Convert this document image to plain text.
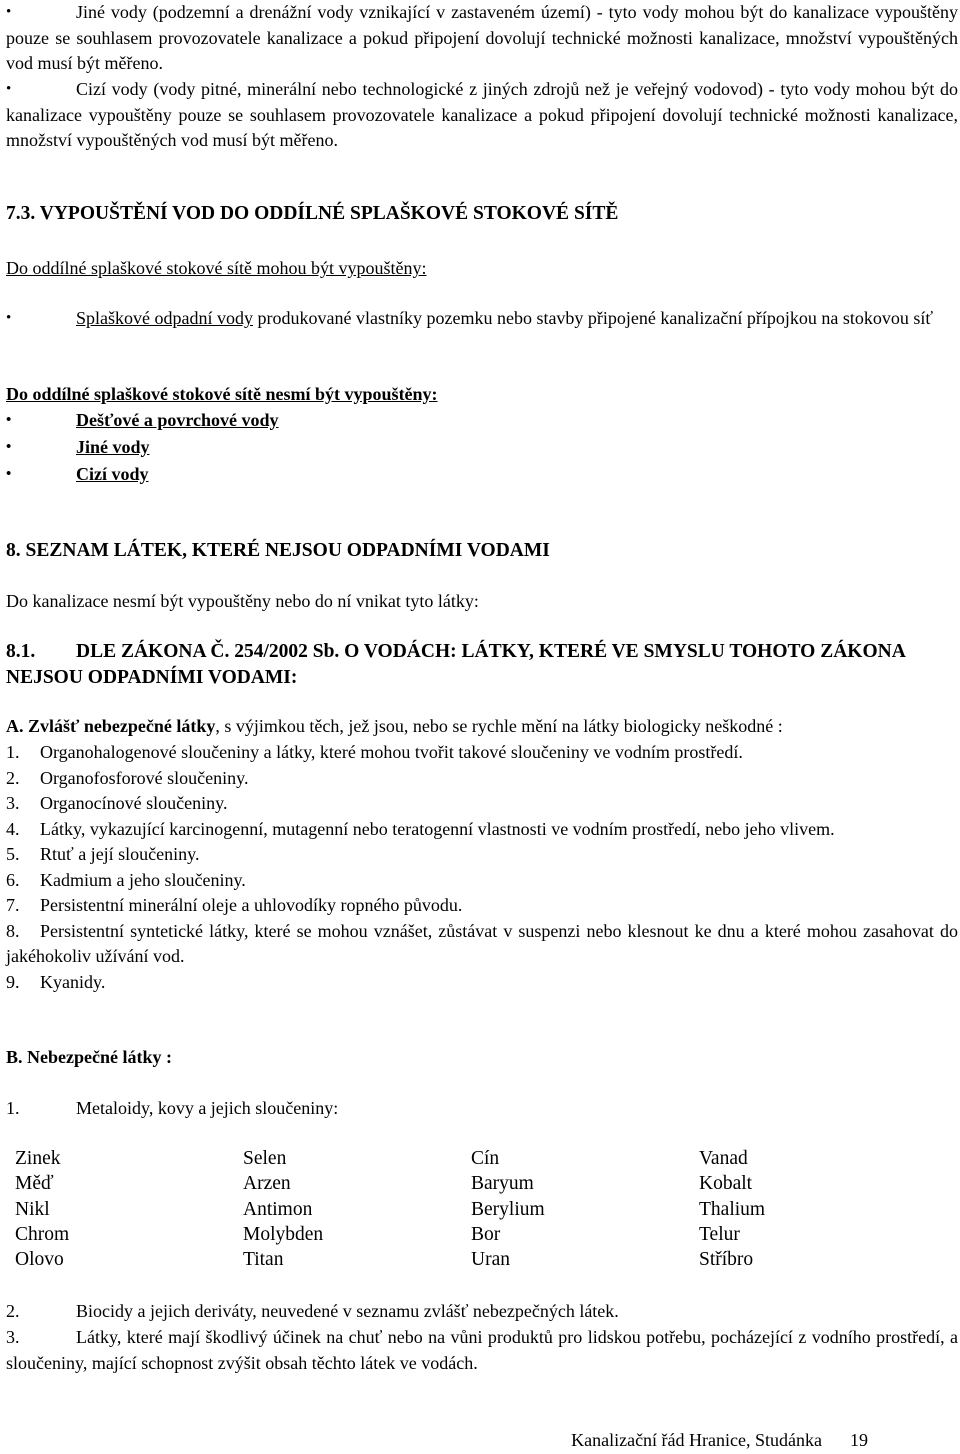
•	Jiné vody (podzemní a drenážní vody vznikající v zastaveném území) - tyto vody mohou být do kanalizace vypouštěny pouze se souhlasem provozovatele kanalizace a pokud připojení dovolují technické možnosti kanalizace, množství vypouštěných vod musí být měřeno.
•	Cizí vody (vody pitné, minerální nebo technologické z jiných zdrojů než je veřejný vodovod) - tyto vody mohou být do kanalizace vypouštěny pouze se souhlasem provozovatele kanalizace a pokud připojení dovolují technické možnosti kanalizace, množství vypouštěných vod musí být měřeno.
7.3. VYPOUŠTĚNÍ VOD DO ODDÍLNÉ SPLAŠKOVÉ STOKOVÉ SÍTĚ
Do oddílné splaškové stokové sítě mohou být vypouštěny:
•	Splaškové odpadní vody produkované vlastníky pozemku nebo stavby připojené kanalizační přípojkou na stokovou síť
Do oddílné splaškové stokové sítě nesmí být vypouštěny:
•	Dešťové a povrchové vody
•	Jiné vody
•	Cizí vody
8. SEZNAM LÁTEK, KTERÉ NEJSOU ODPADNÍMI VODAMI
Do kanalizace nesmí být vypouštěny nebo do ní vnikat tyto látky:
8.1. DLE ZÁKONA Č. 254/2002 Sb. O VODÁCH: LÁTKY, KTERÉ VE SMYSLU TOHOTO ZÁKONA NEJSOU ODPADNÍMI VODAMI:
A. Zvlášť nebezpečné látky, s výjimkou těch, jež jsou, nebo se rychle mění na látky biologicky neškodné :
1. Organohalogenové sloučeniny a látky, které mohou tvořit takové sloučeniny ve vodním prostředí.
2. Organofosforové sloučeniny.
3. Organocínové sloučeniny.
4. Látky, vykazující karcinogenní, mutagenní nebo teratogenní vlastnosti ve vodním prostředí, nebo jeho vlivem.
5. Rtuť a její sloučeniny.
6. Kadmium a jeho sloučeniny.
7. Persistentní minerální oleje a uhlovodíky ropného původu.
8. Persistentní syntetické látky, které se mohou vznášet, zůstávat v suspenzi nebo klesnout ke dnu a které mohou zasahovat do jakéhokoliv užívání vod.
9. Kyanidy.
B. Nebezpečné látky :
1.	Metaloidy, kovy a jejich sloučeniny:
Zinek	Selen	Cín	Vanad
Měď	Arzen	Baryum	Kobalt
Nikl	Antimon	Berylium	Thalium
Chrom	Molybden	Bor	Telur
Olovo	Titan	Uran	Stříbro
2.	Biocidy a jejich deriváty, neuvedené v seznamu zvlášť nebezpečných látek.
3.	Látky, které mají škodlivý účinek na chuť nebo na vůni produktů pro lidskou potřebu, pocházející z vodního prostředí, a sloučeniny, mající schopnost zvýšit obsah těchto látek ve vodách.
Kanalizační řád Hranice, Studánka 19
